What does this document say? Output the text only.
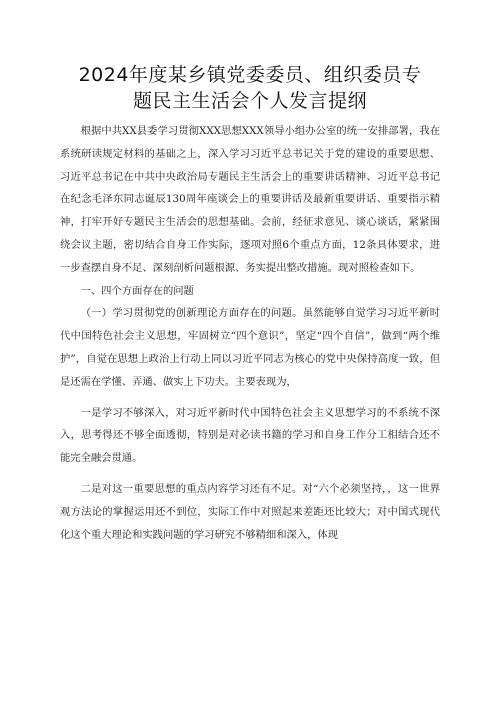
2024年度某乡镇党委委员、组织委员专
题民主生活会个人发言提纲

根据中共XX县委学习贯彻XXX思想XXX领导小组办公室的统一安排部署，我在系统研读规定材料的基础之上，深入学习习近平总书记关于党的建设的重要思想、习近平总书记在中共中央政治局专题民主生活会上的重要讲话精神、习近平总书记在纪念毛泽东同志诞辰130周年座谈会上的重要讲话及最新重要讲话、重要指示精神，打牢开好专题民主生活会的思想基础。会前，经征求意见、谈心谈话，紧紧围绕会议主题，密切结合自身工作实际，逐项对照6个重点方面，12条具体要求，进一步查摆自身不足、深刻剖析问题根源、务实提出整改措施。现对照检查如下。

一、四个方面存在的问题

（一）学习贯彻党的创新理论方面存在的问题。虽然能够自觉学习习近平新时代中国特色社会主义思想，牢固树立“四个意识”，坚定“四个自信”，做到“两个维护”，自觉在思想上政治上行动上同以习近平同志为核心的党中央保持高度一致，但是还需在学懂、弄通、做实上下功夫。主要表现为，

一是学习不够深入，对习近平新时代中国特色社会主义思想学习的不系统不深入，思考得还不够全面透彻，特别是对必读书籍的学习和自身工作分工相结合还不能完全融会贯通。

二是对这一重要思想的重点内容学习还有不足。对“六个必须坚持，，这一世界观方法论的掌握运用还不到位，实际工作中对照起来差距还比较大；对中国式现代化这个重大理论和实践问题的学习研究不够精细和深入，体现
